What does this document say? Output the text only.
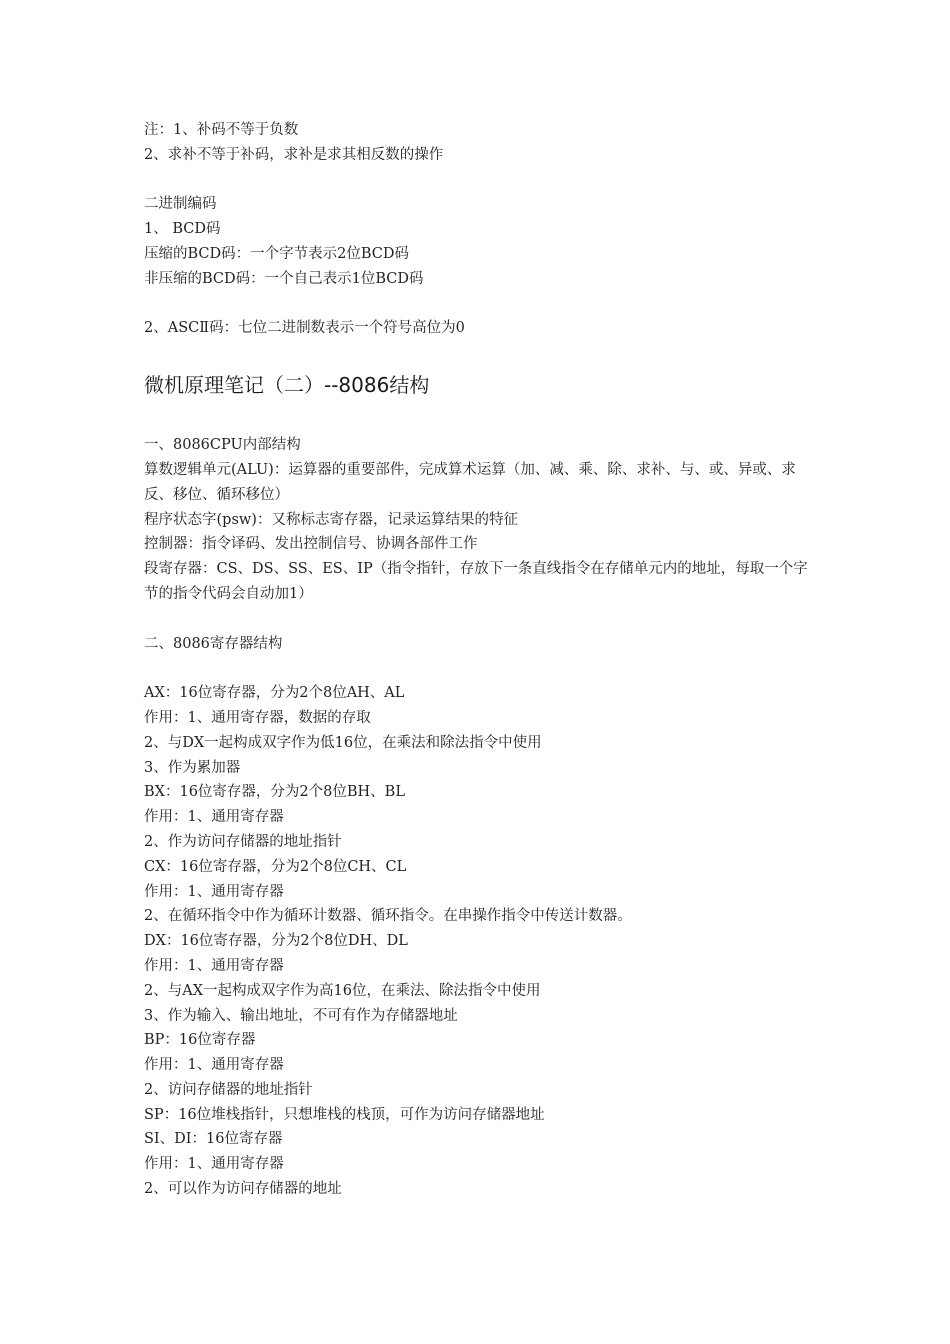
注：1、补码不等于负数
2、求补不等于补码，求补是求其相反数的操作
二进制编码
1、 BCD码
压缩的BCD码：一个字节表示2位BCD码
非压缩的BCD码：一个自己表示1位BCD码
2、ASCⅡ码：七位二进制数表示一个符号高位为0
微机原理笔记（二）--8086结构
一、8086CPU内部结构
算数逻辑单元(ALU)：运算器的重要部件，完成算术运算（加、减、乘、除、求补、与、或、异或、求反、移位、循环移位）
程序状态字(psw)：又称标志寄存器，记录运算结果的特征
控制器：指令译码、发出控制信号、协调各部件工作
段寄存器：CS、DS、SS、ES、IP（指令指针，存放下一条直线指令在存储单元内的地址，每取一个字节的指令代码会自动加1）
二、8086寄存器结构
AX：16位寄存器，分为2个8位AH、AL
作用：1、通用寄存器，数据的存取
2、与DX一起构成双字作为低16位，在乘法和除法指令中使用
3、作为累加器
BX：16位寄存器，分为2个8位BH、BL
作用：1、通用寄存器
2、作为访问存储器的地址指针
CX：16位寄存器，分为2个8位CH、CL
作用：1、通用寄存器
2、在循环指令中作为循环计数器、循环指令。在串操作指令中传送计数器。
DX：16位寄存器，分为2个8位DH、DL
作用：1、通用寄存器
2、与AX一起构成双字作为高16位，在乘法、除法指令中使用
3、作为输入、输出地址，不可有作为存储器地址
BP：16位寄存器
作用：1、通用寄存器
2、访问存储器的地址指针
SP：16位堆栈指针，只想堆栈的栈顶，可作为访问存储器地址
SI、DI：16位寄存器
作用：1、通用寄存器
2、可以作为访问存储器的地址
